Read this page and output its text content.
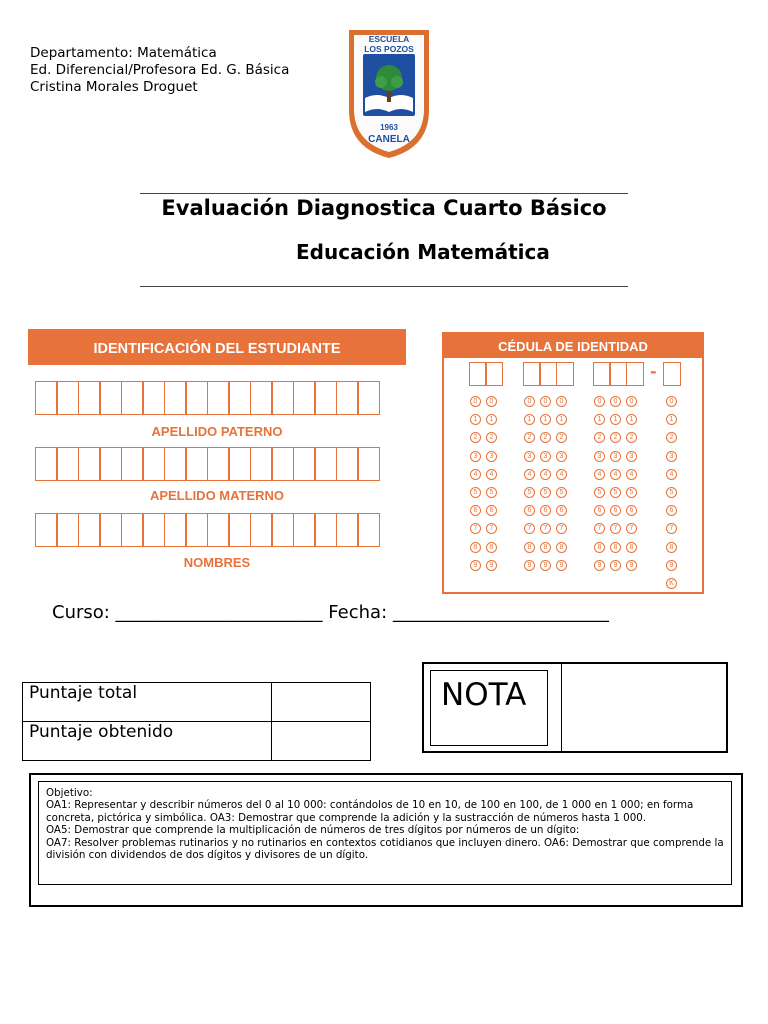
Departamento: Matemática
Ed. Diferencial/Profesora Ed. G. Básica
Cristina Morales Droguet
ESCUELA
LOS POZOS
1963
CANELA
Evaluación Diagnostica Cuarto Básico
Educación Matemática
IDENTIFICACIÓN DEL ESTUDIANTE
APELLIDO PATERNO
APELLIDO MATERNO
NOMBRES
CÉDULA DE IDENTIDAD
-
0	0	0	0	0	0	0	0	0
1	1	1	1	1	1	1	1	1
2	2	2	2	2	2	2	2	2
3	3	3	3	3	3	3	3	3
4	4	4	4	4	4	4	4	4
5	5	5	5	5	5	5	5	5
6	6	6	6	6	6	6	6	6
7	7	7	7	7	7	7	7	7
8	8	8	8	8	8	8	8	8
9	9	9	9	9	9	9	9	9
K
Curso: _______________________ Fecha: ________________________
Puntaje total	
Puntaje obtenido	
NOTA
Objetivo:
OA1: Representar y describir números del 0 al 10 000: contándolos de 10 en 10, de 100 en 100, de 1 000 en 1 000; en forma concreta, pictórica y simbólica. OA3: Demostrar que comprende la adición y la sustracción de números hasta 1 000.
OA5: Demostrar que comprende la multiplicación de números de tres dígitos por números de un dígito:
OA7: Resolver problemas rutinarios y no rutinarios en contextos cotidianos que incluyen dinero. OA6: Demostrar que comprende la división con dividendos de dos dígitos y divisores de un dígito.
